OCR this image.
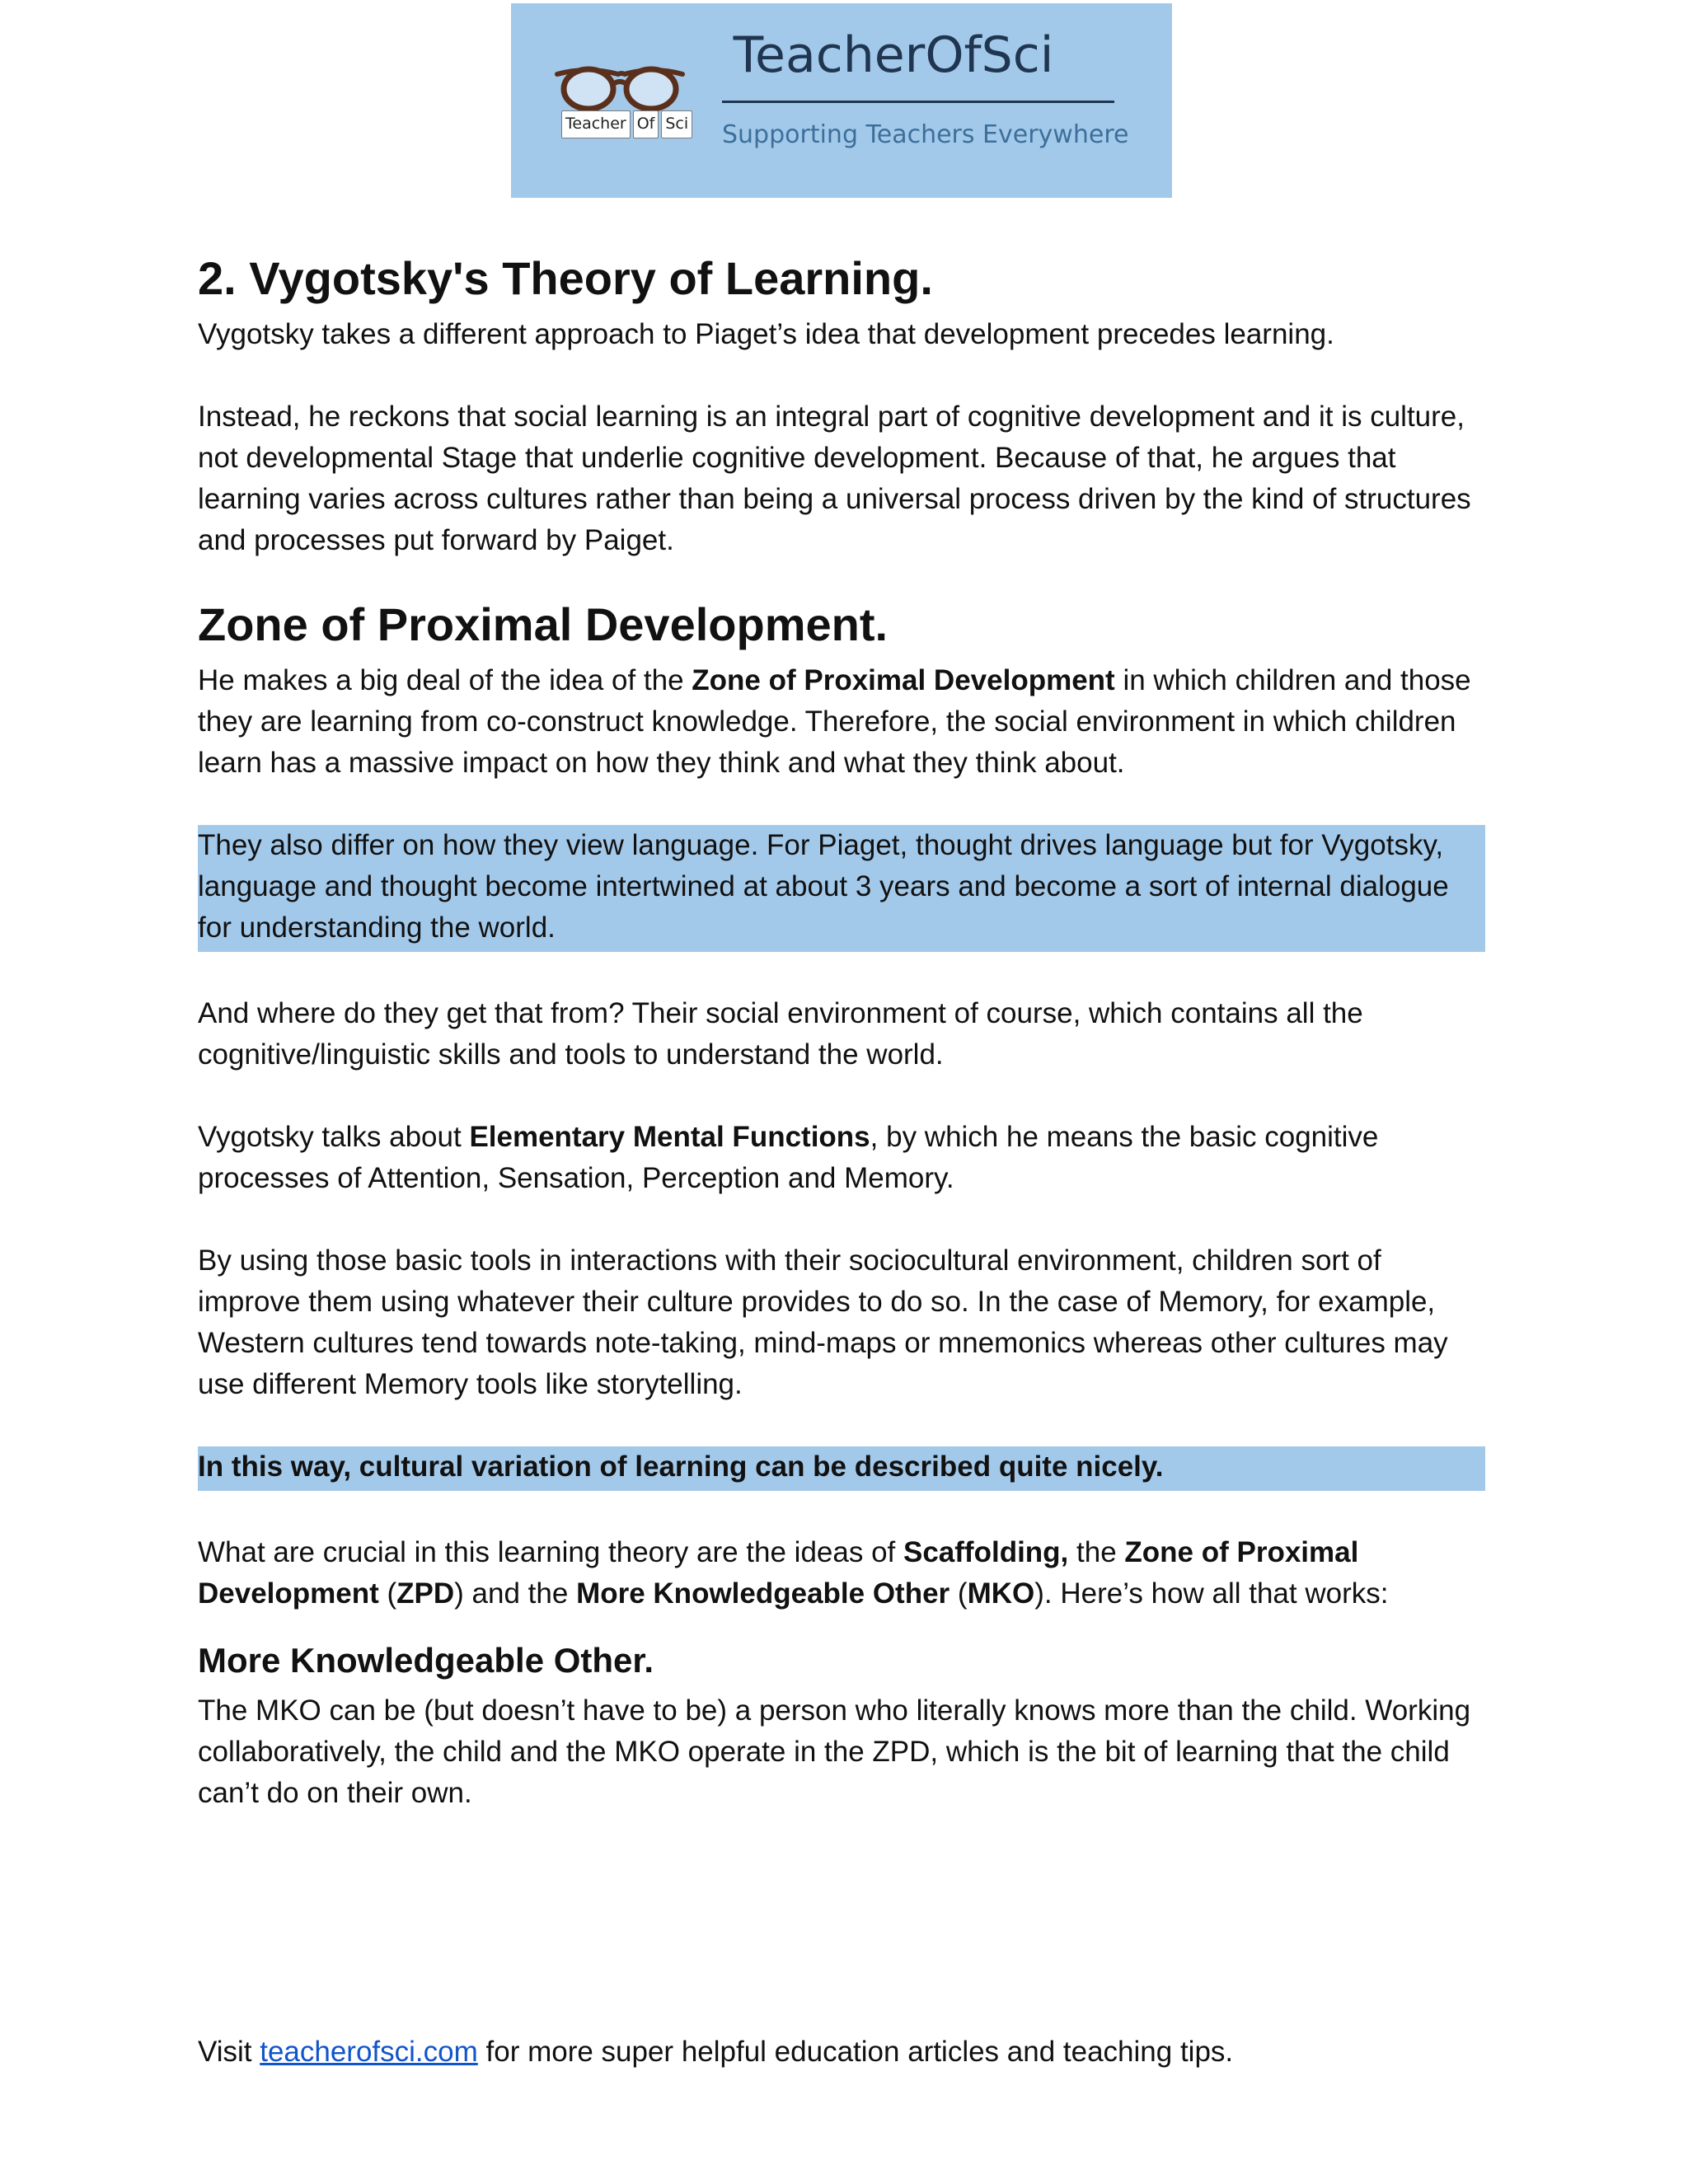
Teacher Of Sci
TeacherOfSci
Supporting Teachers Everywhere
2. Vygotsky's Theory of Learning.

Vygotsky takes a different approach to Piaget’s idea that development precedes learning.

Instead, he reckons that social learning is an integral part of cognitive development and it is culture, not developmental Stage that underlie cognitive development. Because of that, he argues that learning varies across cultures rather than being a universal process driven by the kind of structures and processes put forward by Paiget.

Zone of Proximal Development.

He makes a big deal of the idea of the Zone of Proximal Development in which children and those they are learning from co-construct knowledge. Therefore, the social environment in which children learn has a massive impact on how they think and what they think about.

They also differ on how they view language. For Piaget, thought drives language but for Vygotsky, language and thought become intertwined at about 3 years and become a sort of internal dialogue for understanding the world.

And where do they get that from? Their social environment of course, which contains all the cognitive/linguistic skills and tools to understand the world.

Vygotsky talks about Elementary Mental Functions, by which he means the basic cognitive processes of Attention, Sensation, Perception and Memory.

By using those basic tools in interactions with their sociocultural environment, children sort of improve them using whatever their culture provides to do so. In the case of Memory, for example, Western cultures tend towards note-taking, mind-maps or mnemonics whereas other cultures may use different Memory tools like storytelling.

In this way, cultural variation of learning can be described quite nicely.

What are crucial in this learning theory are the ideas of Scaffolding, the Zone of Proximal Development (ZPD) and the More Knowledgeable Other (MKO). Here’s how all that works:

More Knowledgeable Other.

The MKO can be (but doesn’t have to be) a person who literally knows more than the child. Working collaboratively, the child and the MKO operate in the ZPD, which is the bit of learning that the child can’t do on their own.

Visit teacherofsci.com for more super helpful education articles and teaching tips.
